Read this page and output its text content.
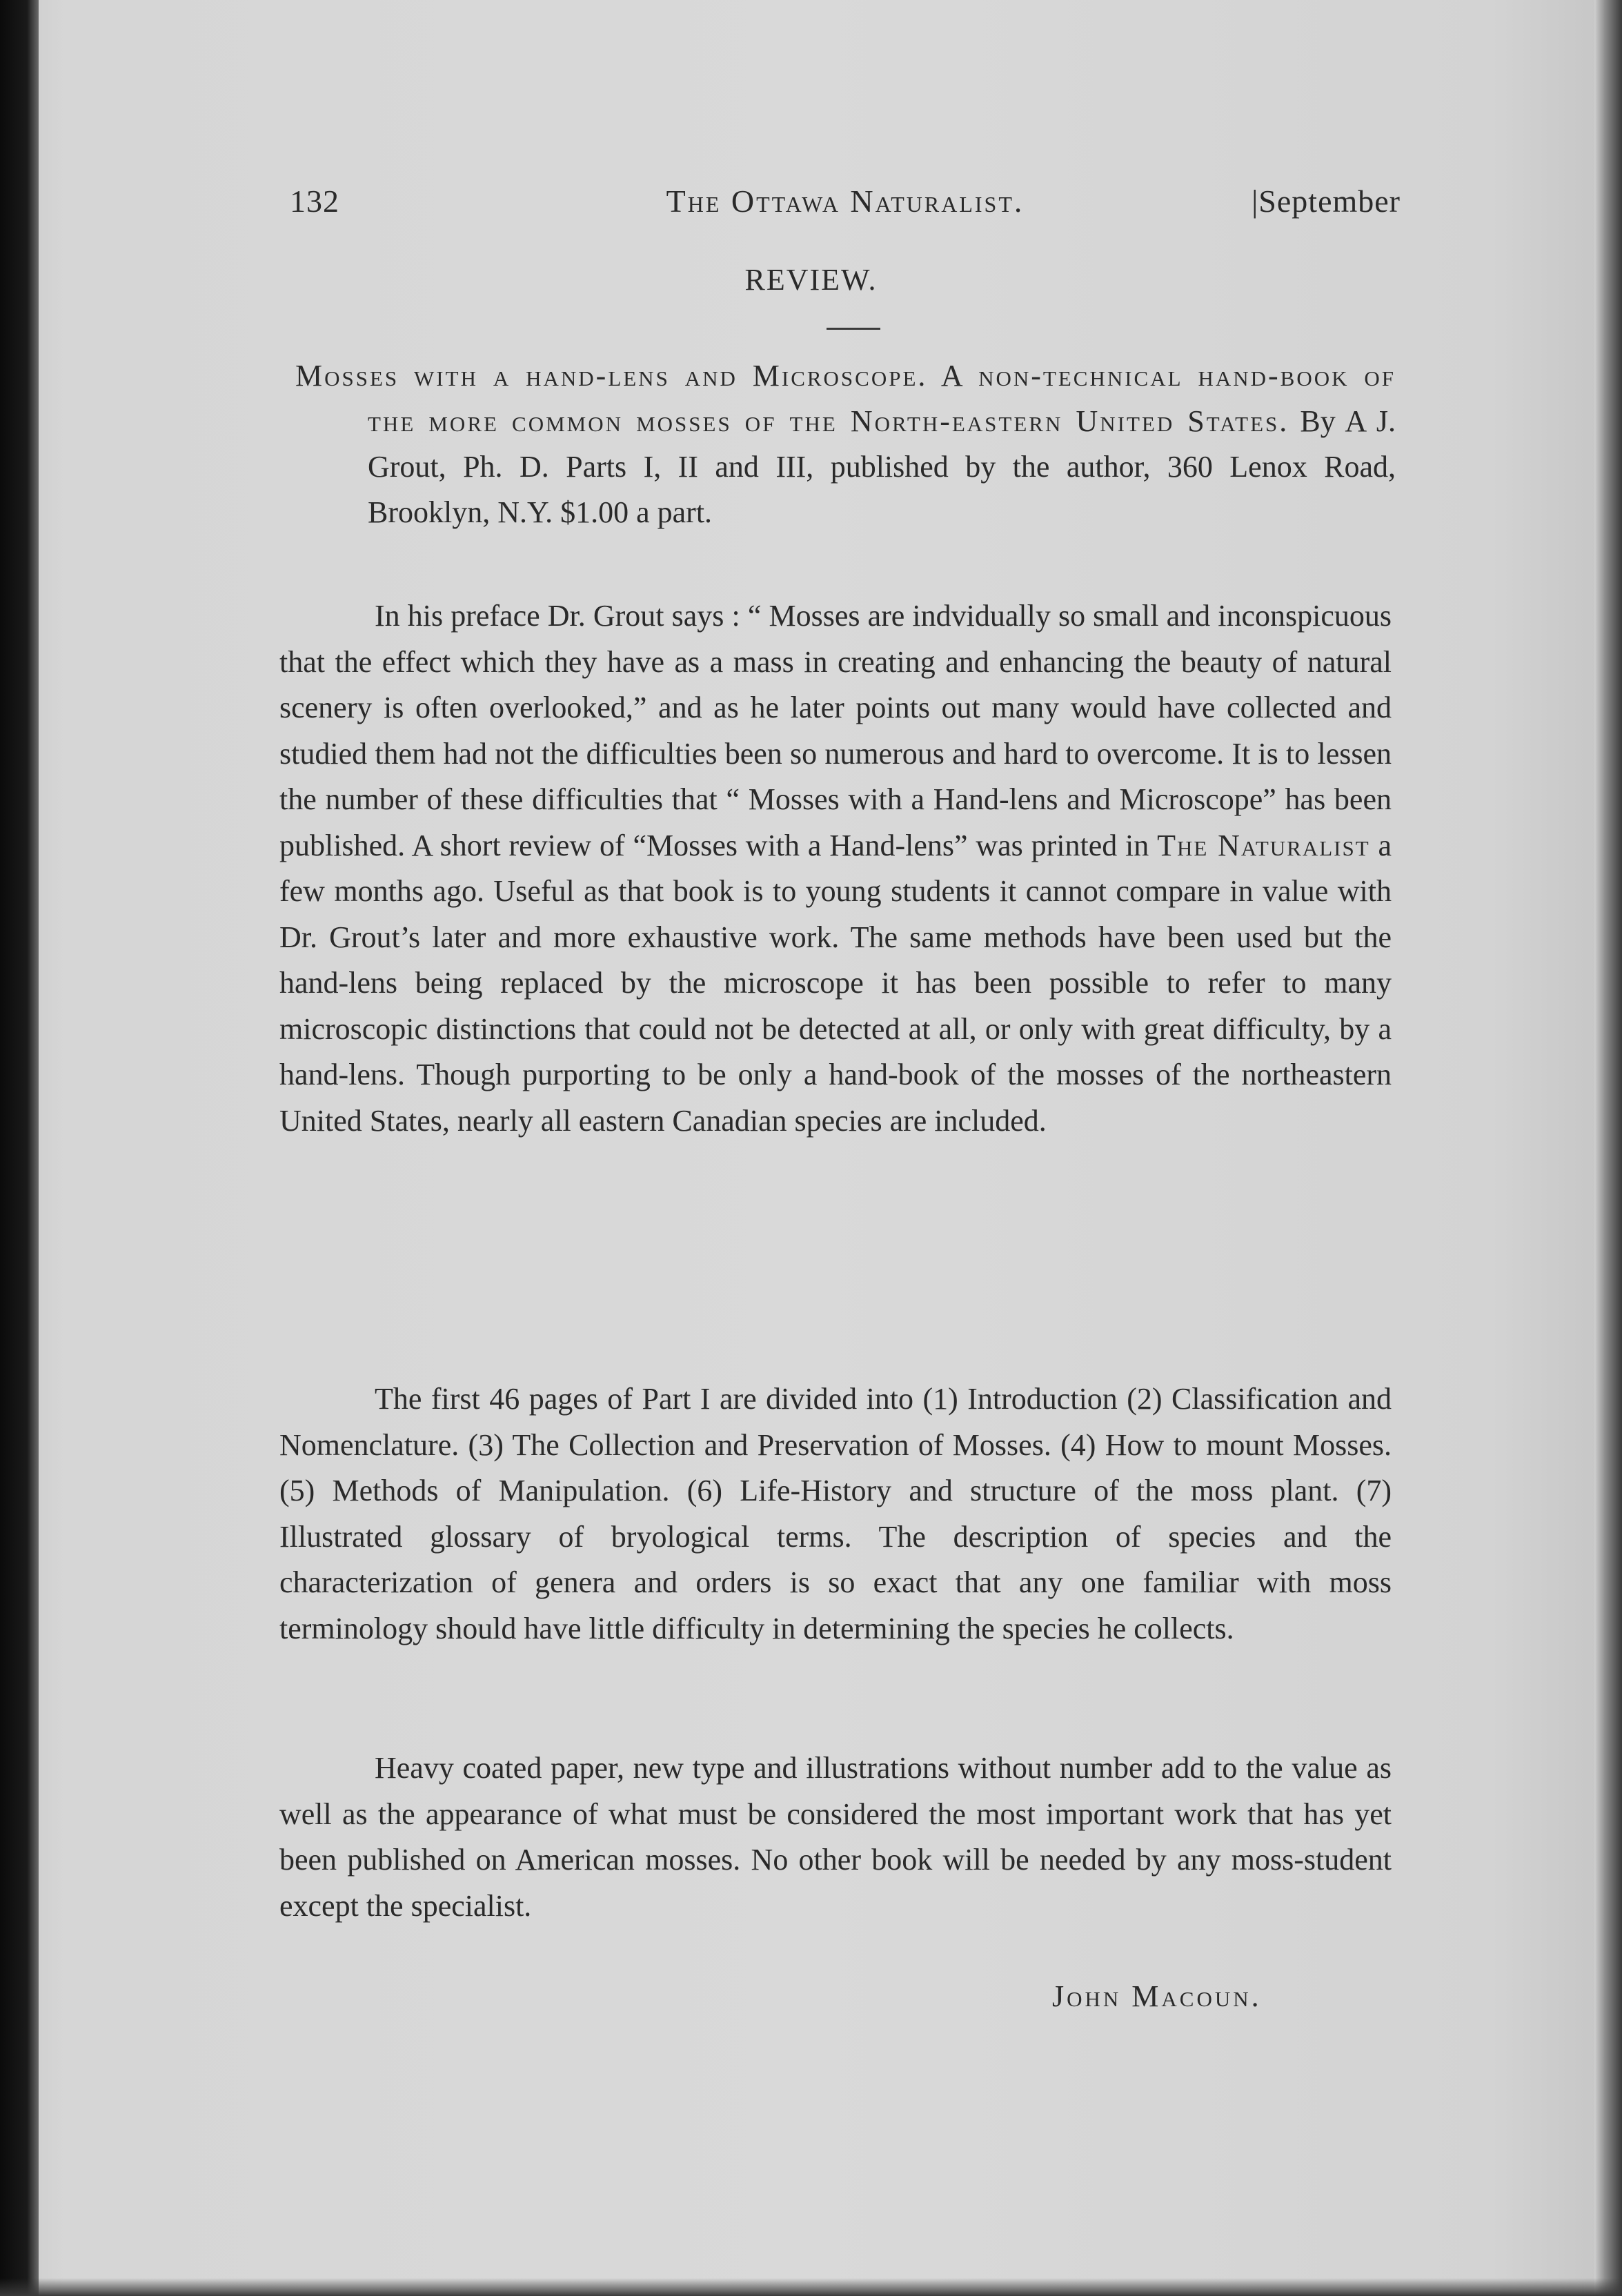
132	The Ottawa Naturalist.	|September
REVIEW.
Mosses with a hand-lens and Microscope. A non-technical hand-book of the more common mosses of the North-eastern United States. By A J. Grout, Ph. D. Parts I, II and III, published by the author, 360 Lenox Road, Brooklyn, N.Y. $1.00 a part.

In his preface Dr. Grout says : “ Mosses are indvidually so small and inconspicuous that the effect which they have as a mass in creating and enhancing the beauty of natural scenery is often overlooked,” and as he later points out many would have collected and studied them had not the difficulties been so numerous and hard to overcome. It is to lessen the number of these difficulties that “ Mosses with a Hand-lens and Microscope” has been published. A short review of “Mosses with a Hand-lens” was printed in The Naturalist a few months ago. Useful as that book is to young students it cannot compare in value with Dr. Grout’s later and more exhaustive work. The same methods have been used but the hand-lens being replaced by the microscope it has been possible to refer to many microscopic distinctions that could not be detected at all, or only with great difficulty, by a hand-lens. Though purporting to be only a hand-book of the mosses of the northeastern United States, nearly all eastern Canadian species are included.

The first 46 pages of Part I are divided into (1) Introduction (2) Classification and Nomenclature. (3) The Collection and Preservation of Mosses. (4) How to mount Mosses. (5) Methods of Manipulation. (6) Life-History and structure of the moss plant. (7) Illustrated glossary of bryological terms. The description of species and the characterization of genera and orders is so exact that any one familiar with moss terminology should have little difficulty in determining the species he collects.

Heavy coated paper, new type and illustrations without number add to the value as well as the appearance of what must be considered the most important work that has yet been published on American mosses. No other book will be needed by any moss-student except the specialist.

John Macoun.
